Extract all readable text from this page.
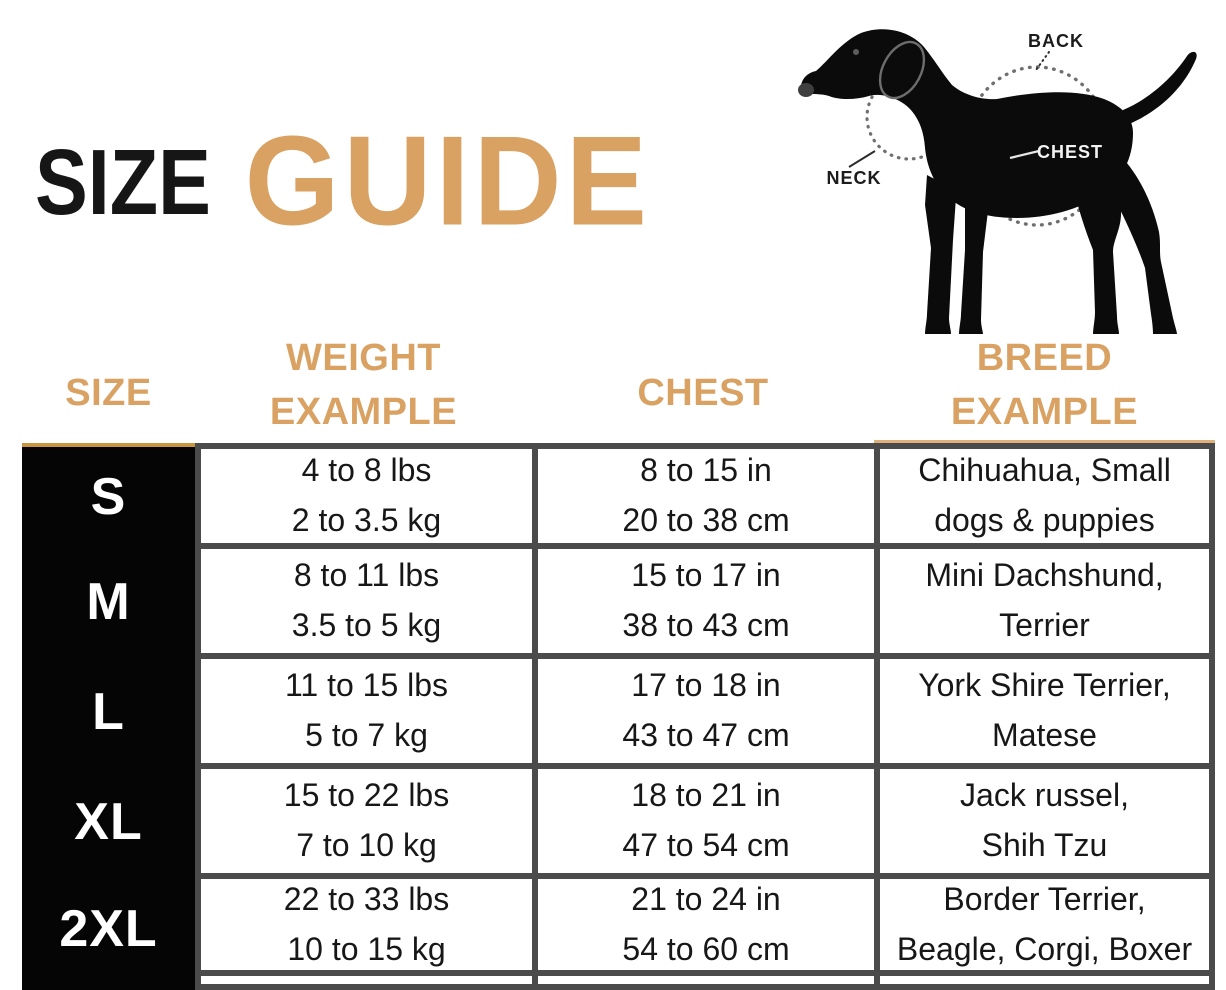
SIZE GUIDE
BACK
CHEST
NECK
SIZE
WEIGHT
EXAMPLE	CHEST
BREED
EXAMPLE
S
M
L
XL
2XL
4 to 8 lbs
2 to 3.5 kg
8 to 15 in
20 to 38 cm
Chihuahua, Small
dogs & puppies
8 to 11 lbs
3.5 to 5 kg
15 to 17 in
38 to 43 cm
Mini Dachshund,
Terrier
11 to 15 lbs
5 to 7 kg
17 to 18 in
43 to 47 cm
York Shire Terrier,
Matese
15 to 22 lbs
7 to 10 kg
18 to 21 in
47 to 54 cm
Jack russel,
Shih Tzu
22 to 33 lbs
10 to 15 kg
21 to 24 in
54 to 60 cm
Border Terrier,
Beagle, Corgi, Boxer
